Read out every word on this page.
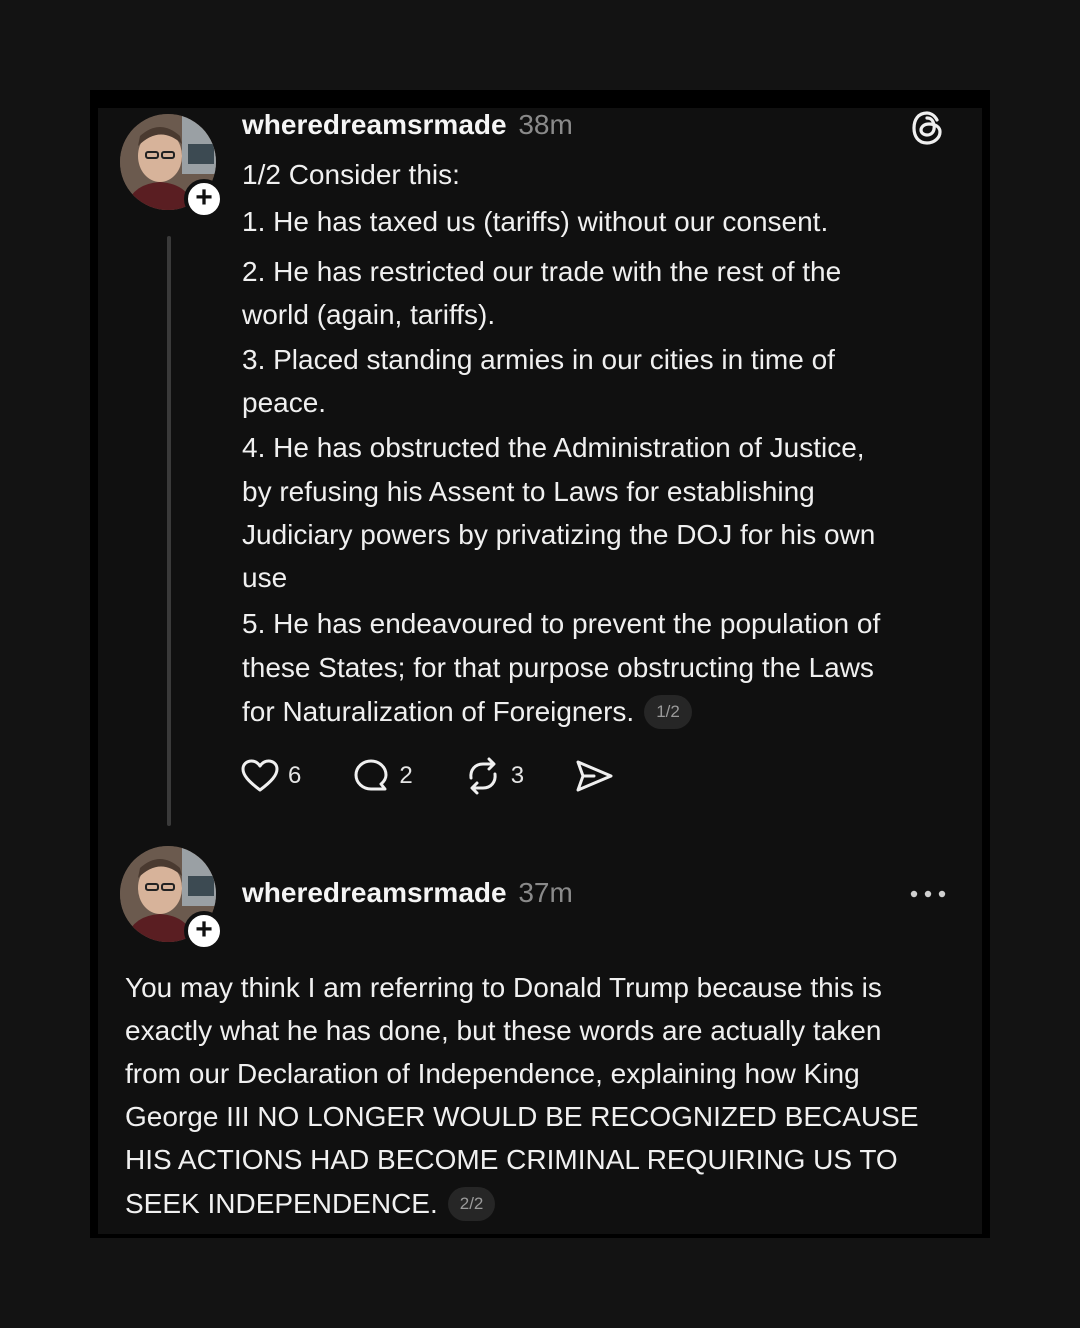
+
wheredreamsrmade 38m

1/2 Consider this:

1. He has taxed us (tariffs) without our consent.

2. He has restricted our trade with the rest of the

world (again, tariffs).

3. Placed standing armies in our cities in time of

peace.

4. He has obstructed the Administration of Justice,

by refusing his Assent to Laws for establishing

Judiciary powers by privatizing the DOJ for his own

use

5. He has endeavoured to prevent the population of

these States; for that purpose obstructing the Laws

for Naturalization of Foreigners. 1/2

6	2	3
+
wheredreamsrmade 37m

You may think I am referring to Donald Trump because this is

exactly what he has done, but these words are actually taken

from our Declaration of Independence, explaining how King

George III NO LONGER WOULD BE RECOGNIZED BECAUSE

HIS ACTIONS HAD BECOME CRIMINAL REQUIRING US TO

SEEK INDEPENDENCE. 2/2
